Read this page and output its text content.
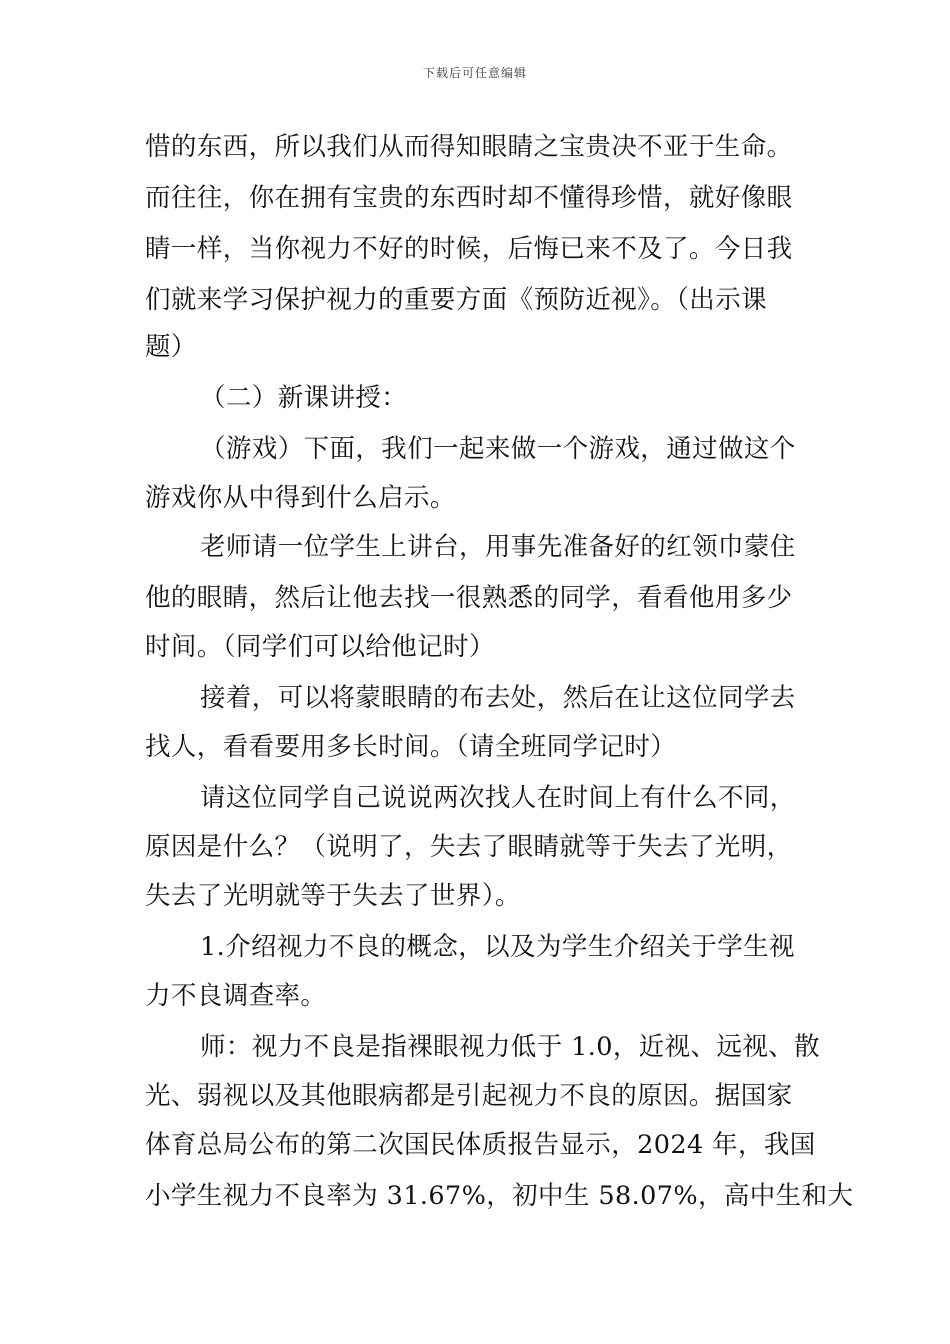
下载后可任意编辑
惜的东西，所以我们从而得知眼睛之宝贵决不亚于生命。
而往往，你在拥有宝贵的东西时却不懂得珍惜，就好像眼
睛一样，当你视力不好的时候，后悔已来不及了。今日我
们就来学习保护视力的重要方面《预防近视》。（出示课
题）
（二）新课讲授：
（游戏）下面，我们一起来做一个游戏，通过做这个
游戏你从中得到什么启示。
老师请一位学生上讲台，用事先准备好的红领巾蒙住
他的眼睛，然后让他去找一很熟悉的同学，看看他用多少
时间。（同学们可以给他记时）
接着，可以将蒙眼睛的布去处，然后在让这位同学去
找人，看看要用多长时间。（请全班同学记时）
请这位同学自己说说两次找人在时间上有什么不同，
原因是什么？（说明了，失去了眼睛就等于失去了光明，
失去了光明就等于失去了世界）。
1.介绍视力不良的概念，以及为学生介绍关于学生视
力不良调查率。
师：视力不良是指裸眼视力低于 1.0，近视、远视、散
光、弱视以及其他眼病都是引起视力不良的原因。据国家
体育总局公布的第二次国民体质报告显示，2024 年，我国
小学生视力不良率为 31.67%，初中生 58.07%，高中生和大
